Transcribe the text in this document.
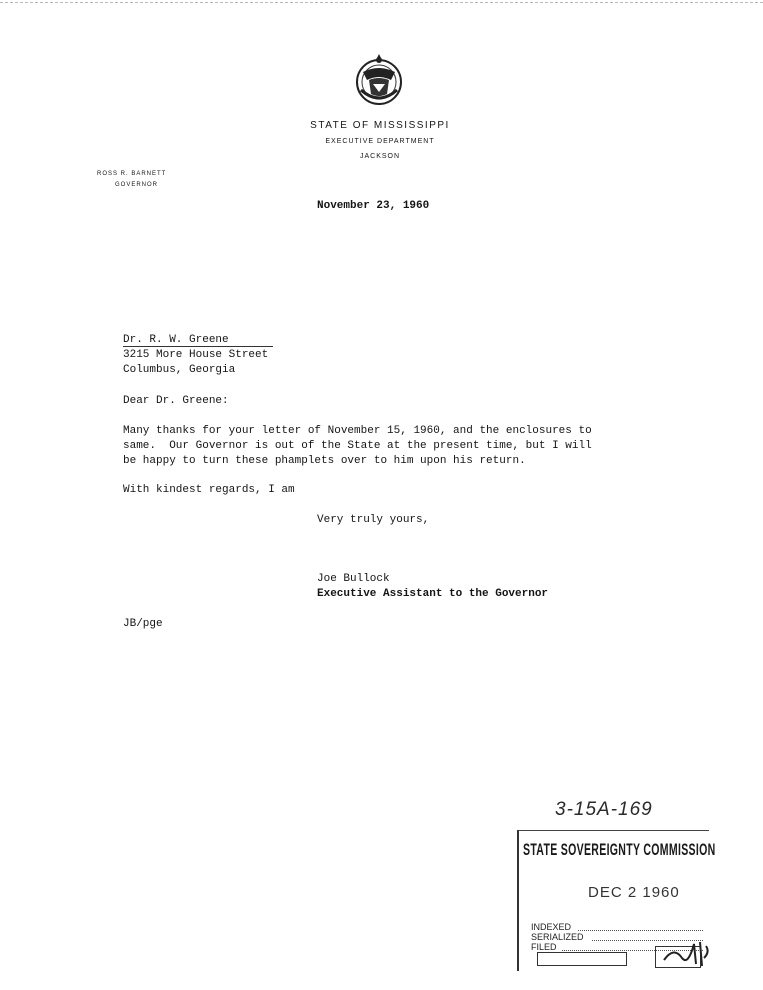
STATE OF MISSISSIPPI
EXECUTIVE DEPARTMENT
JACKSON
ROSS R. BARNETT
GOVERNOR
November 23, 1960
Dr. R. W. Greene
3215 More House Street
Columbus, Georgia
Dear Dr. Greene:
Many thanks for your letter of November 15, 1960, and the enclosures to
same.  Our Governor is out of the State at the present time, but I will
be happy to turn these phamplets over to him upon his return.
With kindest regards, I am
Very truly yours,
Joe Bullock
Executive Assistant to the Governor
JB/pge
3-15A-169
STATE SOVEREIGNTY COMMISSION
DEC 2 1960
INDEXED
SERIALIZED
FILED
